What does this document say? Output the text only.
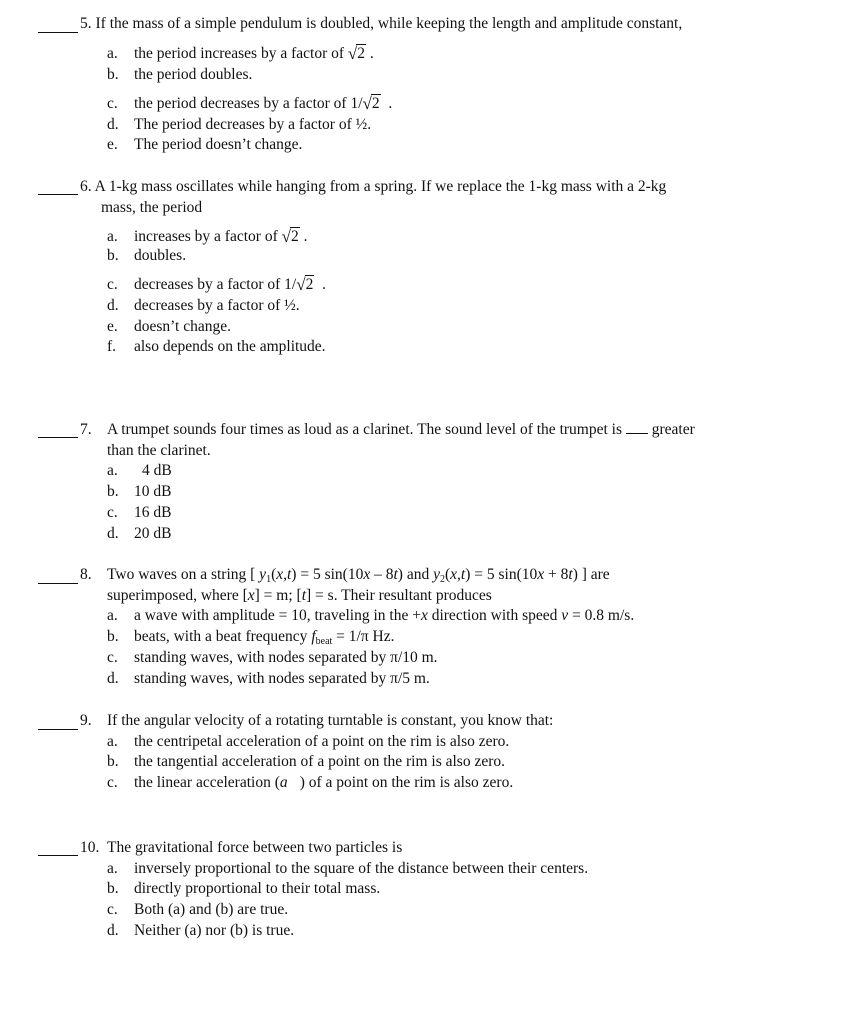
5. If the mass of a simple pendulum is doubled, while keeping the length and amplitude constant,
a. the period increases by a factor of √2 .
b. the period doubles.
c. the period decreases by a factor of 1/√2  .
d. The period decreases by a factor of ½.
e. The period doesn’t change.
6. A 1-kg mass oscillates while hanging from a spring. If we replace the 1-kg mass with a 2-kg
mass, the period
a. increases by a factor of √2 .
b. doubles.
c. decreases by a factor of 1/√2  .
d. decreases by a factor of ½.
e. doesn’t change.
f. also depends on the amplitude.
7. A trumpet sounds four times as loud as a clarinet. The sound level of the trumpet is greater
than the clarinet.
a. 4 dB
b. 10 dB
c. 16 dB
d. 20 dB
8. Two waves on a string [ $y_1(x,t) = 5$ sin(10x – 8t) and $y_2(x,t) = 5$ sin(10x + 8t) ] are
superimposed, where [x] = m; [t] = s. Their resultant produces
a. a wave with amplitude = 10, traveling in the +x direction with speed v = 0.8 m/s.
b. beats, with a beat frequency $f_{beat} = 1/\pi$ Hz.
c. standing waves, with nodes separated by π/10 m.
d. standing waves, with nodes separated by π/5 m.
9. If the angular velocity of a rotating turntable is constant, you know that:
a. the centripetal acceleration of a point on the rim is also zero.
b. the tangential acceleration of a point on the rim is also zero.
c. the linear acceleration (a⃗) of a point on the rim is also zero.
10. The gravitational force between two particles is
a. inversely proportional to the square of the distance between their centers.
b. directly proportional to their total mass.
c. Both (a) and (b) are true.
d. Neither (a) nor (b) is true.
